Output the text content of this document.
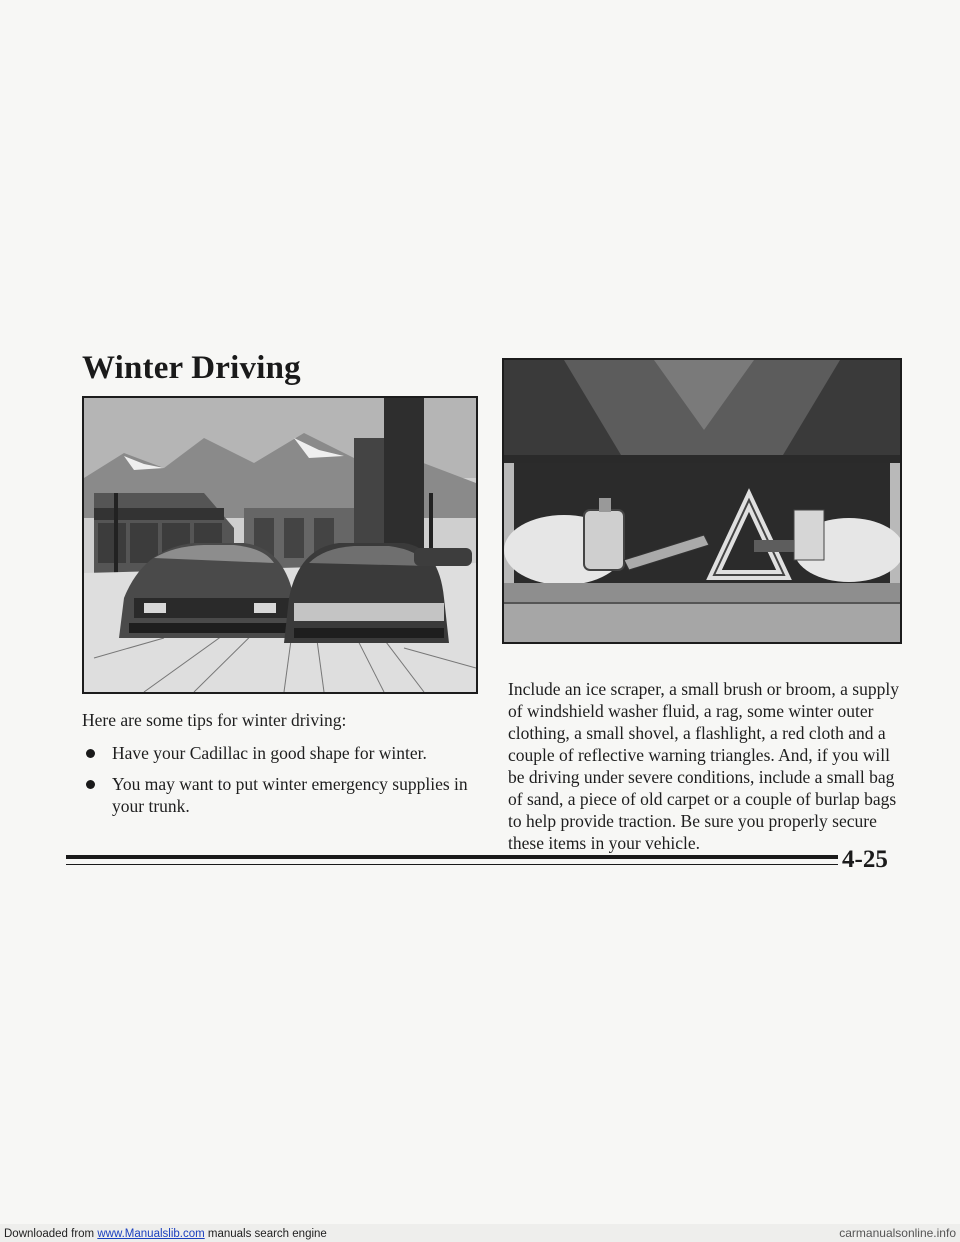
Winter Driving

Here are some tips for winter driving:

Have your Cadillac in good shape for winter.
You may want to put winter emergency supplies in your trunk.

Include an ice scraper, a small brush or broom, a supply of windshield washer fluid, a rag, some winter outer clothing, a small shovel, a flashlight, a red cloth and a couple of reflective warning triangles. And, if you will be driving under severe conditions, include a small bag of sand, a piece of old carpet or a couple of burlap bags to help provide traction. Be sure you properly secure these items in your vehicle.

4-25

Downloaded from www.Manualslib.com manuals search engine	carmanualsonline.info
